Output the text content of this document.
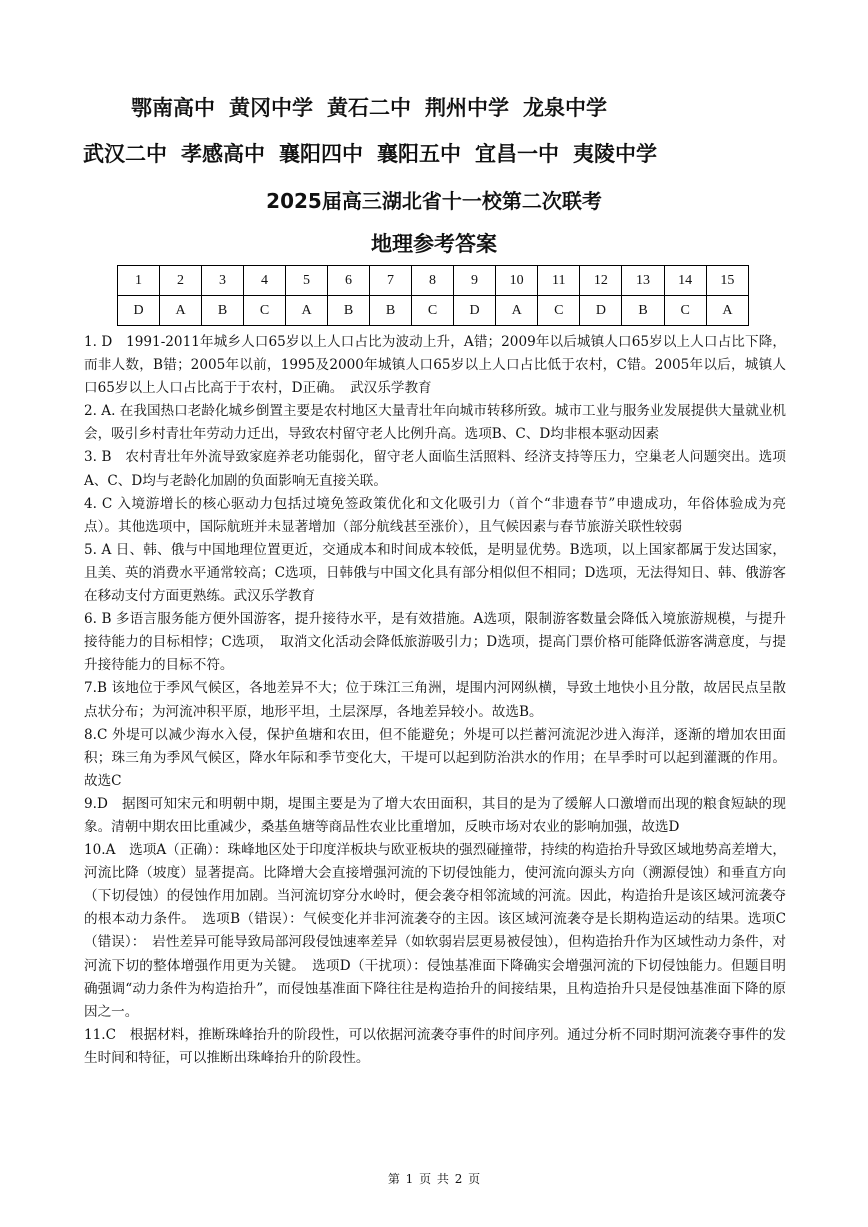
鄂南高中 黄冈中学 黄石二中 荆州中学 龙泉中学
武汉二中 孝感高中 襄阳四中 襄阳五中 宜昌一中 夷陵中学
2025届高三湖北省十一校第二次联考
地理参考答案
1	2	3	4	5	6	7	8	9	10	11	12	13	14	15
D	A	B	C	A	B	B	C	D	A	C	D	B	C	A

1. D　1991-2011年城乡人口65岁以上人口占比为波动上升，A错；2009年以后城镇人口65岁以上人口占比下降，而非人数，B错；2005年以前，1995及2000年城镇人口65岁以上人口占比低于农村，C错。2005年以后，城镇人口65岁以上人口占比高于于农村，D正确。　武汉乐学教育

2. A. 在我国热口老龄化城乡倒置主要是农村地区大量青壮年向城市转移所致。城市工业与服务业发展提供大量就业机会，吸引乡村青壮年劳动力迁出，导致农村留守老人比例升高。选项B、C、D均非根本驱动因素

3. B　农村青壮年外流导致家庭养老功能弱化，留守老人面临生活照料、经济支持等压力，空巢老人问题突出。选项A、C、D均与老龄化加剧的负面影响无直接关联。

4. C 入境游增长的核心驱动力包括过境免签政策优化和文化吸引力（首个“非遗春节”申遗成功，年俗体验成为亮点）。其他选项中，国际航班并未显著增加（部分航线甚至涨价），且气候因素与春节旅游关联性较弱

5. A 日、韩、俄与中国地理位置更近，交通成本和时间成本较低，是明显优势。B选项，以上国家都属于发达国家，且美、英的消费水平通常较高；C选项，日韩俄与中国文化具有部分相似但不相同；D选项，无法得知日、韩、俄游客在移动支付方面更熟练。武汉乐学教育

6. B 多语言服务能方便外国游客，提升接待水平，是有效措施。A选项，限制游客数量会降低入境旅游规模，与提升接待能力的目标相悖；C选项，　取消文化活动会降低旅游吸引力；D选项，提高门票价格可能降低游客满意度，与提升接待能力的目标不符。

7.B 该地位于季风气候区，各地差异不大；位于珠江三角洲，堤围内河网纵横，导致土地快小且分散，故居民点呈散点状分布；为河流冲积平原，地形平坦，土层深厚，各地差异较小。故选B。

8.C 外堤可以减少海水入侵，保护鱼塘和农田，但不能避免；外堤可以拦蓄河流泥沙进入海洋，逐渐的增加农田面积；珠三角为季风气候区，降水年际和季节变化大，干堤可以起到防治洪水的作用；在旱季时可以起到灌溉的作用。故选C

9.D　据图可知宋元和明朝中期，堤围主要是为了增大农田面积，其目的是为了缓解人口激增而出现的粮食短缺的现象。清朝中期农田比重减少，桑基鱼塘等商品性农业比重增加，反映市场对农业的影响加强，故选D

10.A　选项A（正确）：珠峰地区处于印度洋板块与欧亚板块的强烈碰撞带，持续的构造抬升导致区域地势高差增大，河流比降（坡度）显著提高。比降增大会直接增强河流的下切侵蚀能力，使河流向源头方向（溯源侵蚀）和垂直方向（下切侵蚀）的侵蚀作用加剧。当河流切穿分水岭时，便会袭夺相邻流域的河流。因此，构造抬升是该区域河流袭夺的根本动力条件。　选项B（错误）：气候变化并非河流袭夺的主因。该区域河流袭夺是长期构造运动的结果。选项C（错误）：　岩性差异可能导致局部河段侵蚀速率差异（如软弱岩层更易被侵蚀），但构造抬升作为区域性动力条件，对河流下切的整体增强作用更为关键。　选项D（干扰项）：侵蚀基准面下降确实会增强河流的下切侵蚀能力。但题目明确强调“动力条件为构造抬升”，而侵蚀基准面下降往往是构造抬升的间接结果，且构造抬升只是侵蚀基准面下降的原因之一。

11.C　根据材料，推断珠峰抬升的阶段性，可以依据河流袭夺事件的时间序列。通过分析不同时期河流袭夺事件的发生时间和特征，可以推断出珠峰抬升的阶段性。

第 1 页 共 2 页
